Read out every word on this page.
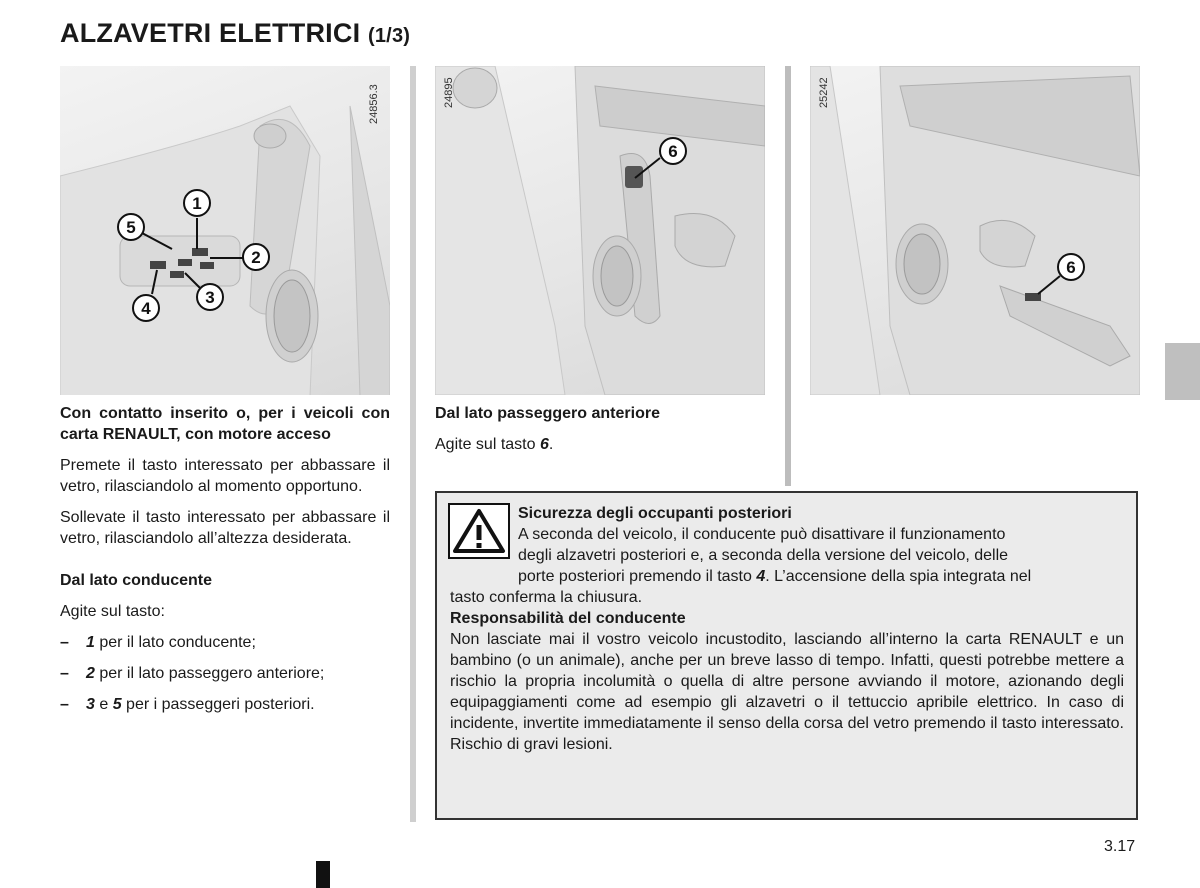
ALZAVETRI ELETTRICI (1/3)
1
2
3
4
5
24856.3
6
24895
6
25242

Con contatto inserito o, per i veicoli con carta RENAULT, con motore acceso

Premete il tasto interessato per abbassare il vetro, rilasciandolo al momento opportuno.

Sollevate il tasto interessato per abbassare il vetro, rilasciandolo all’altezza desiderata.

Dal lato conducente

Agite sul tasto:

– 1 per il lato conducente;
– 2 per il lato passeggero anteriore;
– 3 e 5 per i passeggeri posteriori.

Dal lato passeggero anteriore

Agite sul tasto 6.

Sicurezza degli occupanti posteriori
A seconda del veicolo, il conducente può disattivare il funzionamento
degli alzavetri posteriori e, a seconda della versione del veicolo, delle
porte posteriori premendo il tasto 4. L’accensione della spia integrata nel
tasto conferma la chiusura.
Responsabilità del conducente
Non lasciate mai il vostro veicolo incustodito, lasciando all’interno la carta RENAULT e un bambino (o un animale), anche per un breve lasso di tempo. Infatti, questi potrebbe mettere a rischio la propria incolumità o quella di altre persone avviando il motore, azionando degli equipaggiamenti come ad esempio gli alzavetri o il tettuccio apribile elettrico. In caso di incidente, invertite immediatamente il senso della corsa del vetro premendo il tasto interessato. Rischio di gravi lesioni.
3.17
